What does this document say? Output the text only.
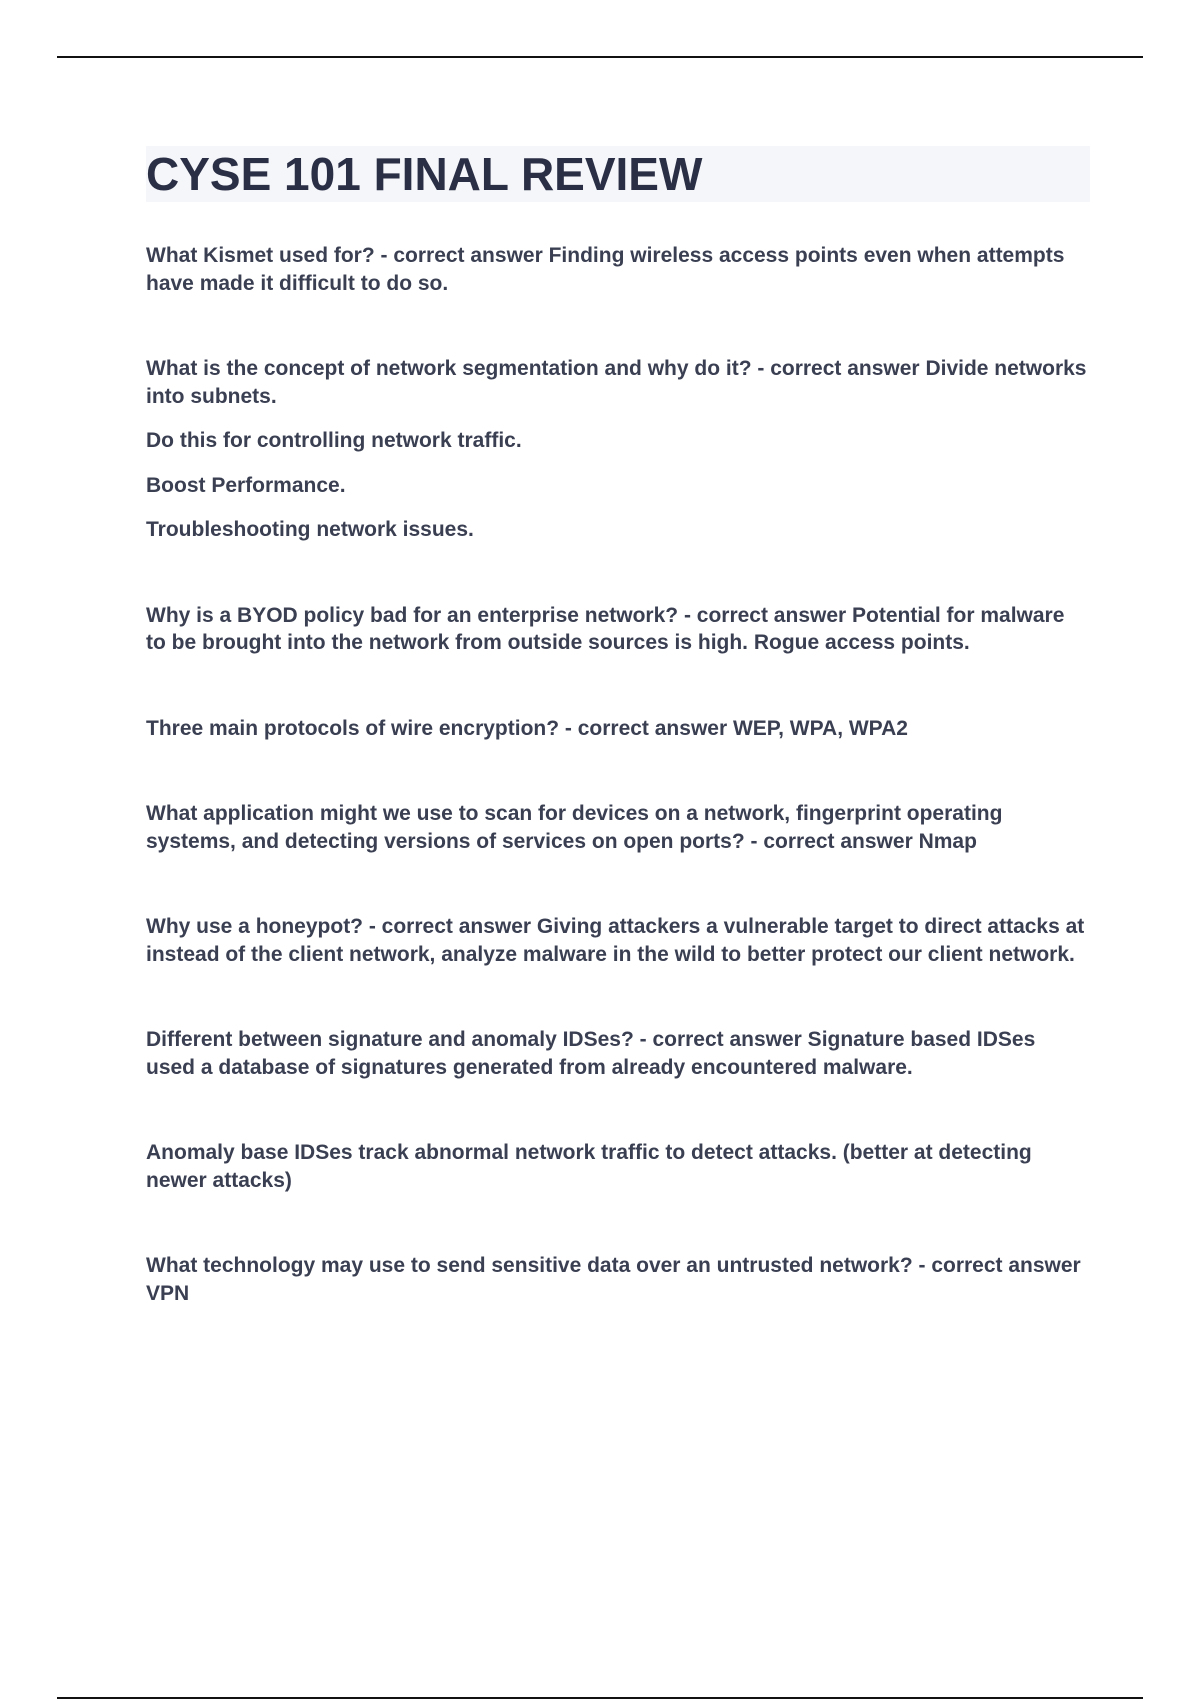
CYSE 101 FINAL REVIEW

What Kismet used for? - correct answer Finding wireless access points even when attempts have made it difficult to do so.

What is the concept of network segmentation and why do it? - correct answer Divide networks into subnets.

Do this for controlling network traffic.

Boost Performance.

Troubleshooting network issues.

Why is a BYOD policy bad for an enterprise network? - correct answer Potential for malware to be brought into the network from outside sources is high. Rogue access points.

Three main protocols of wire encryption? - correct answer WEP, WPA, WPA2

What application might we use to scan for devices on a network, fingerprint operating systems, and detecting versions of services on open ports? - correct answer Nmap

Why use a honeypot? - correct answer Giving attackers a vulnerable target to direct attacks at instead of the client network, analyze malware in the wild to better protect our client network.

Different between signature and anomaly IDSes? - correct answer Signature based IDSes used a database of signatures generated from already encountered malware.

Anomaly base IDSes track abnormal network traffic to detect attacks. (better at detecting newer attacks)

What technology may use to send sensitive data over an untrusted network? - correct answer VPN
